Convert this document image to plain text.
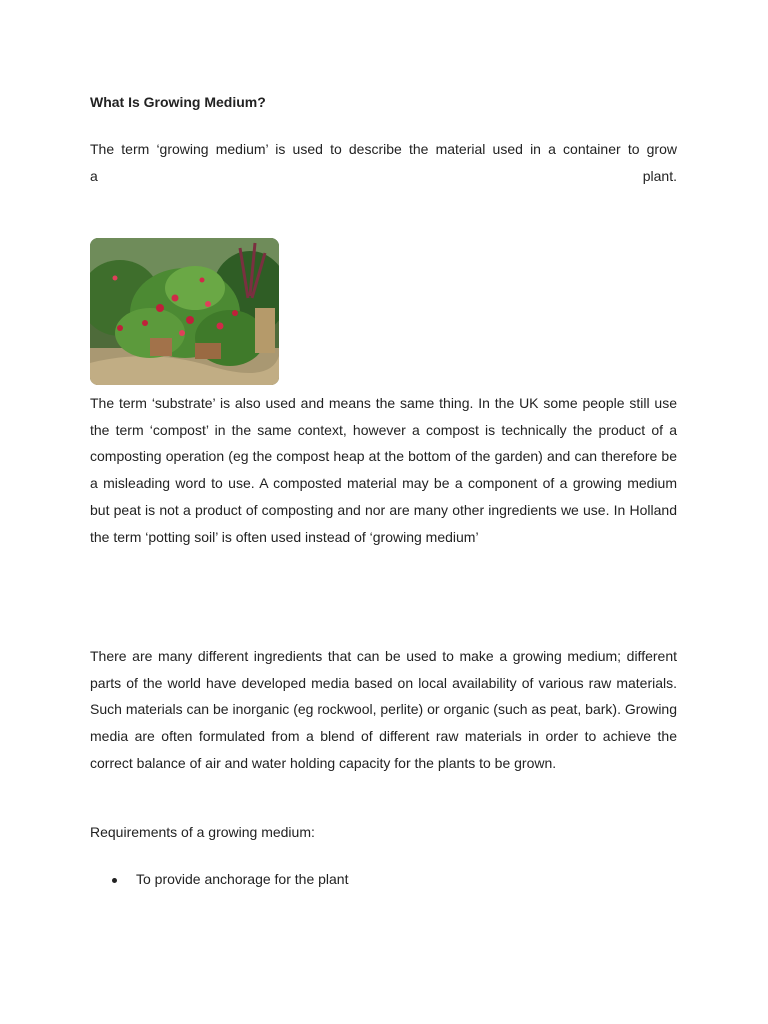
What Is Growing Medium?
The term ‘growing medium’ is used to describe the material used in a container to grow
a	plant.
The term ‘substrate’ is also used and means the same thing. In the UK some people still use the term ‘compost’ in the same context, however a compost is technically the product of a composting operation (eg the compost heap at the bottom of the garden) and can therefore be a misleading word to use. A composted material may be a component of a growing medium but peat is not a product of composting and nor are many other ingredients we use. In Holland the term ‘potting soil’ is often used instead of ‘growing medium’
There are many different ingredients that can be used to make a growing medium; different parts of the world have developed media based on local availability of various raw materials. Such materials can be inorganic (eg rockwool, perlite) or organic (such as peat, bark). Growing media are often formulated from a blend of different raw materials in order to achieve the correct balance of air and water holding capacity for the plants to be grown.
Requirements of a growing medium:
To provide anchorage for the plant
